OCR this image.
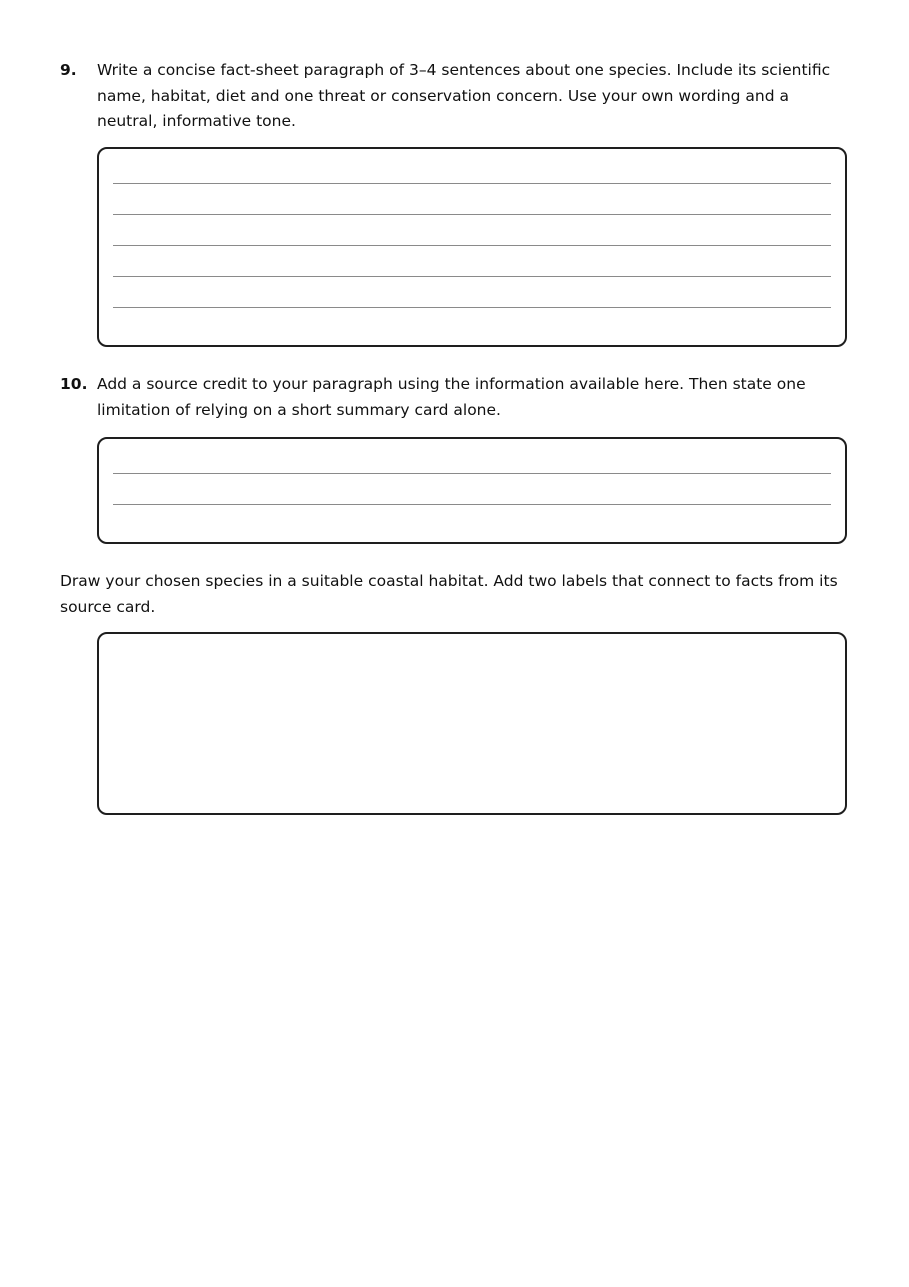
9. Write a concise fact-sheet paragraph of 3–4 sentences about one species. Include its scientific name, habitat, diet and one threat or conservation concern. Use your own wording and a neutral, informative tone.
10. Add a source credit to your paragraph using the information available here. Then state one limitation of relying on a short summary card alone.
Draw your chosen species in a suitable coastal habitat. Add two labels that connect to facts from its source card.
